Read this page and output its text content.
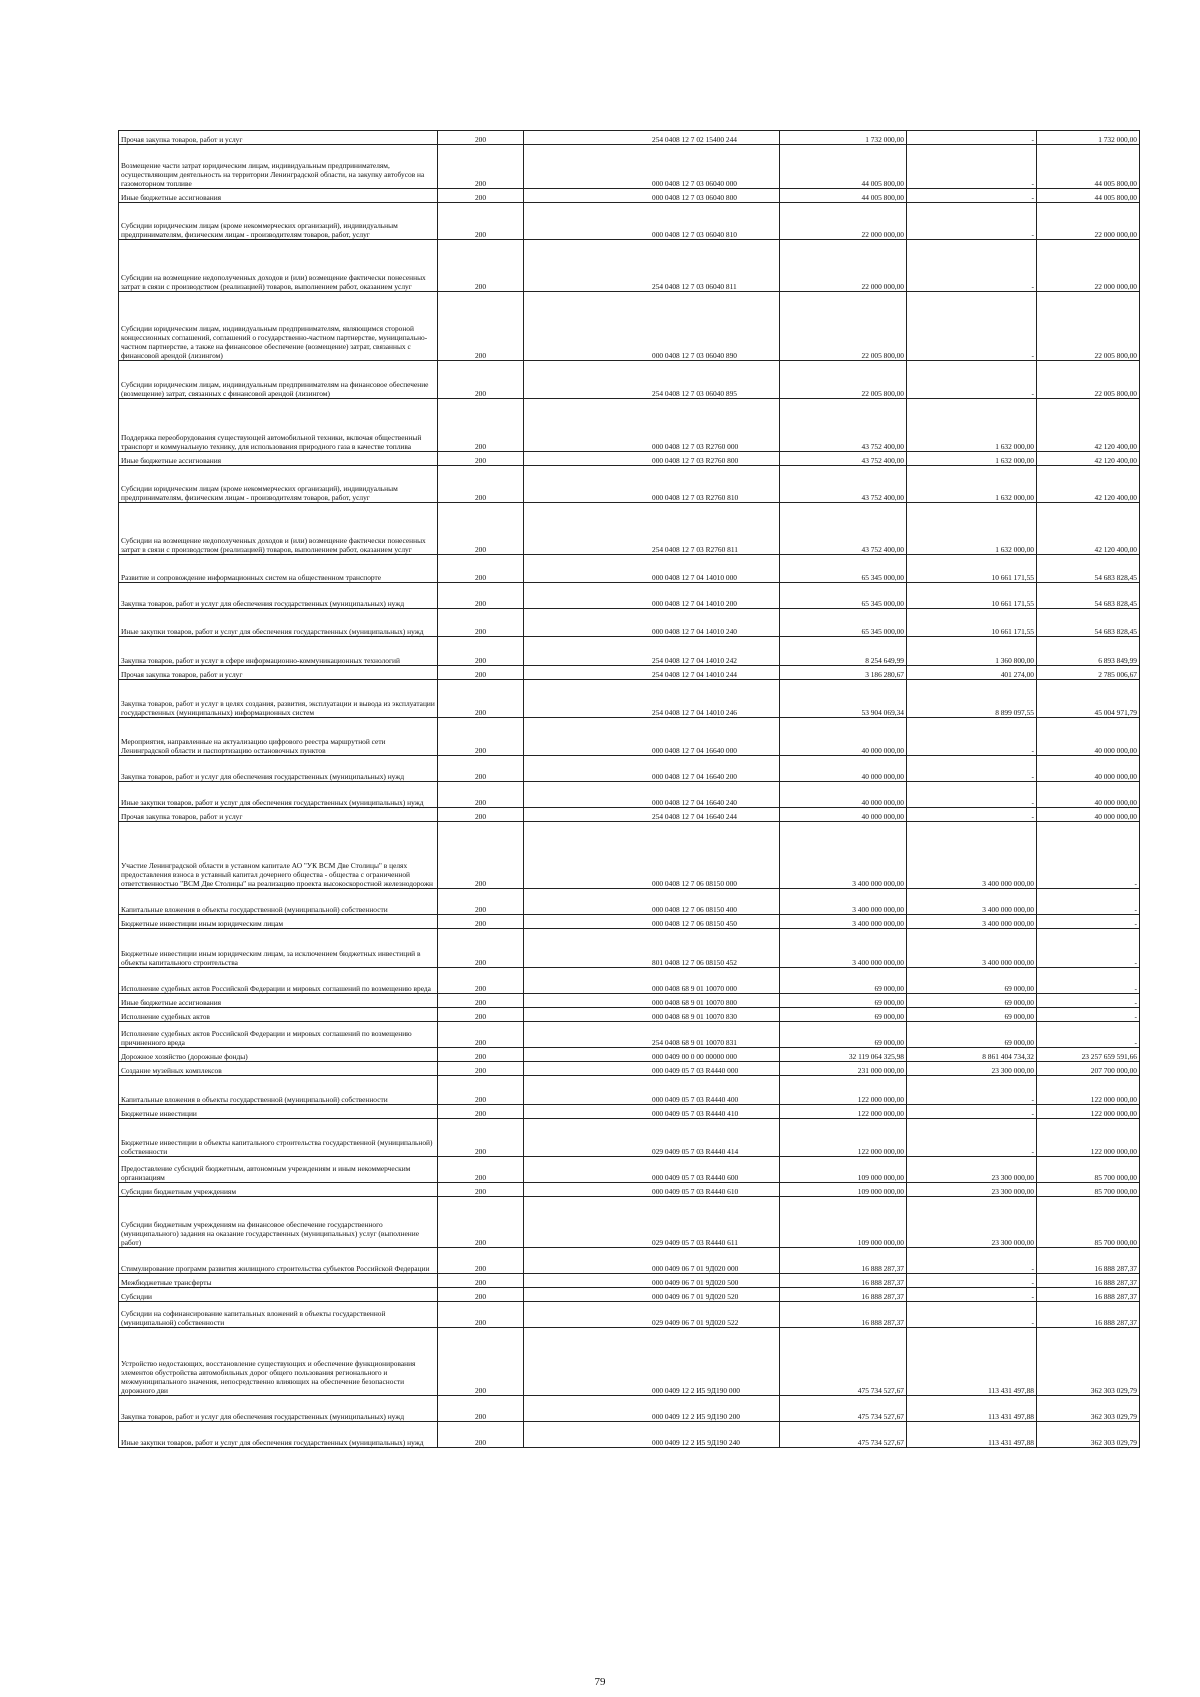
Прочая закупка товаров, работ и услуг	200	254 0408 12 7 02 15400 244	1 732 000,00	-	1 732 000,00
Возмещение части затрат юридическим лицам, индивидуальным предпринимателям, осуществляющим деятельность на территории Ленинградской области, на закупку автобусов на газомоторном топливе	200	000 0408 12 7 03 06040 000	44 005 800,00	-	44 005 800,00
Иные бюджетные ассигнования	200	000 0408 12 7 03 06040 800	44 005 800,00	-	44 005 800,00
Субсидии юридическим лицам (кроме некоммерческих организаций), индивидуальным предпринимателям, физическим лицам - производителям товаров, работ, услуг	200	000 0408 12 7 03 06040 810	22 000 000,00	-	22 000 000,00
Субсидии на возмещение недополученных доходов и (или) возмещение фактически понесенных затрат в связи с производством (реализацией) товаров, выполнением работ, оказанием услуг	200	254 0408 12 7 03 06040 811	22 000 000,00	-	22 000 000,00
Субсидии юридическим лицам, индивидуальным предпринимателям, являющимся стороной концессионных соглашений, соглашений о государственно-частном партнерстве, муниципально-частном партнерстве, а также на финансовое обеспечение (возмещение) затрат, связанных с финансовой арендой (лизингом)	200	000 0408 12 7 03 06040 890	22 005 800,00	-	22 005 800,00
Субсидии юридическим лицам, индивидуальным предпринимателям на финансовое обеспечение (возмещение) затрат, связанных с финансовой арендой (лизингом)	200	254 0408 12 7 03 06040 895	22 005 800,00	-	22 005 800,00
Поддержка переоборудования существующей автомобильной техники, включая общественный транспорт и коммунальную технику, для использования природного газа в качестве топлива	200	000 0408 12 7 03 R2760 000	43 752 400,00	1 632 000,00	42 120 400,00
Иные бюджетные ассигнования	200	000 0408 12 7 03 R2760 800	43 752 400,00	1 632 000,00	42 120 400,00
Субсидии юридическим лицам (кроме некоммерческих организаций), индивидуальным предпринимателям, физическим лицам - производителям товаров, работ, услуг	200	000 0408 12 7 03 R2760 810	43 752 400,00	1 632 000,00	42 120 400,00
Субсидии на возмещение недополученных доходов и (или) возмещение фактически понесенных затрат в связи с производством (реализацией) товаров, выполнением работ, оказанием услуг	200	254 0408 12 7 03 R2760 811	43 752 400,00	1 632 000,00	42 120 400,00
Развитие и сопровождение информационных систем на общественном транспорте	200	000 0408 12 7 04 14010 000	65 345 000,00	10 661 171,55	54 683 828,45
Закупка товаров, работ и услуг для обеспечения государственных (муниципальных) нужд	200	000 0408 12 7 04 14010 200	65 345 000,00	10 661 171,55	54 683 828,45
Иные закупки товаров, работ и услуг для обеспечения государственных (муниципальных) нужд	200	000 0408 12 7 04 14010 240	65 345 000,00	10 661 171,55	54 683 828,45
Закупка товаров, работ и услуг в сфере информационно-коммуникационных технологий	200	254 0408 12 7 04 14010 242	8 254 649,99	1 360 800,00	6 893 849,99
Прочая закупка товаров, работ и услуг	200	254 0408 12 7 04 14010 244	3 186 280,67	401 274,00	2 785 006,67
Закупка товаров, работ и услуг в целях создания, развития, эксплуатации и вывода из эксплуатации государственных (муниципальных) информационных систем	200	254 0408 12 7 04 14010 246	53 904 069,34	8 899 097,55	45 004 971,79
Мероприятия, направленные на актуализацию цифрового реестра маршрутной сети Ленинградской области и паспортизацию остановочных пунктов	200	000 0408 12 7 04 16640 000	40 000 000,00	-	40 000 000,00
Закупка товаров, работ и услуг для обеспечения государственных (муниципальных) нужд	200	000 0408 12 7 04 16640 200	40 000 000,00	-	40 000 000,00
Иные закупки товаров, работ и услуг для обеспечения государственных (муниципальных) нужд	200	000 0408 12 7 04 16640 240	40 000 000,00	-	40 000 000,00
Прочая закупка товаров, работ и услуг	200	254 0408 12 7 04 16640 244	40 000 000,00	-	40 000 000,00
Участие Ленинградской области в уставном капитале АО "УК ВСМ Две Столицы" в целях предоставления взноса в уставный капитал дочернего общества - общества с ограниченной ответственностью "ВСМ Две Столицы" на реализацию проекта высокоскоростной железнодорожн	200	000 0408 12 7 06 08150 000	3 400 000 000,00	3 400 000 000,00	-
Капитальные вложения в объекты государственной (муниципальной) собственности	200	000 0408 12 7 06 08150 400	3 400 000 000,00	3 400 000 000,00	-
Бюджетные инвестиции иным юридическим лицам	200	000 0408 12 7 06 08150 450	3 400 000 000,00	3 400 000 000,00	-
Бюджетные инвестиции иным юридическим лицам, за исключением бюджетных инвестиций в объекты капитального строительства	200	801 0408 12 7 06 08150 452	3 400 000 000,00	3 400 000 000,00	-
Исполнение судебных актов Российской Федерации и мировых соглашений по возмещению вреда	200	000 0408 68 9 01 10070 000	69 000,00	69 000,00	-
Иные бюджетные ассигнования	200	000 0408 68 9 01 10070 800	69 000,00	69 000,00	-
Исполнение судебных актов	200	000 0408 68 9 01 10070 830	69 000,00	69 000,00	-
Исполнение судебных актов Российской Федерации и мировых соглашений по возмещению причиненного вреда	200	254 0408 68 9 01 10070 831	69 000,00	69 000,00	-
Дорожное хозяйство (дорожные фонды)	200	000 0409 00 0 00 00000 000	32 119 064 325,98	8 861 404 734,32	23 257 659 591,66
Создание музейных комплексов	200	000 0409 05 7 03 R4440 000	231 000 000,00	23 300 000,00	207 700 000,00
Капитальные вложения в объекты государственной (муниципальной) собственности	200	000 0409 05 7 03 R4440 400	122 000 000,00	-	122 000 000,00
Бюджетные инвестиции	200	000 0409 05 7 03 R4440 410	122 000 000,00	-	122 000 000,00
Бюджетные инвестиции в объекты капитального строительства государственной (муниципальной) собственности	200	029 0409 05 7 03 R4440 414	122 000 000,00	-	122 000 000,00
Предоставление субсидий бюджетным, автономным учреждениям и иным некоммерческим организациям	200	000 0409 05 7 03 R4440 600	109 000 000,00	23 300 000,00	85 700 000,00
Субсидии бюджетным учреждениям	200	000 0409 05 7 03 R4440 610	109 000 000,00	23 300 000,00	85 700 000,00
Субсидии бюджетным учреждениям на финансовое обеспечение государственного (муниципального) задания на оказание государственных (муниципальных) услуг (выполнение работ)	200	029 0409 05 7 03 R4440 611	109 000 000,00	23 300 000,00	85 700 000,00
Стимулирование программ развития жилищного строительства субъектов Российской Федерации	200	000 0409 06 7 01 9Д020 000	16 888 287,37	-	16 888 287,37
Межбюджетные трансферты	200	000 0409 06 7 01 9Д020 500	16 888 287,37	-	16 888 287,37
Субсидии	200	000 0409 06 7 01 9Д020 520	16 888 287,37	-	16 888 287,37
Субсидии на софинансирование капитальных вложений в объекты государственной (муниципальной) собственности	200	029 0409 06 7 01 9Д020 522	16 888 287,37	-	16 888 287,37
Устройство недостающих, восстановление существующих и обеспечение функционирования элементов обустройства автомобильных дорог общего пользования регионального и межмуниципального значения, непосредственно влияющих на обеспечение безопасности дорожного дви	200	000 0409 12 2 И5 9Д190 000	475 734 527,67	113 431 497,88	362 303 029,79
Закупка товаров, работ и услуг для обеспечения государственных (муниципальных) нужд	200	000 0409 12 2 И5 9Д190 200	475 734 527,67	113 431 497,88	362 303 029,79
Иные закупки товаров, работ и услуг для обеспечения государственных (муниципальных) нужд	200	000 0409 12 2 И5 9Д190 240	475 734 527,67	113 431 497,88	362 303 029,79
79
